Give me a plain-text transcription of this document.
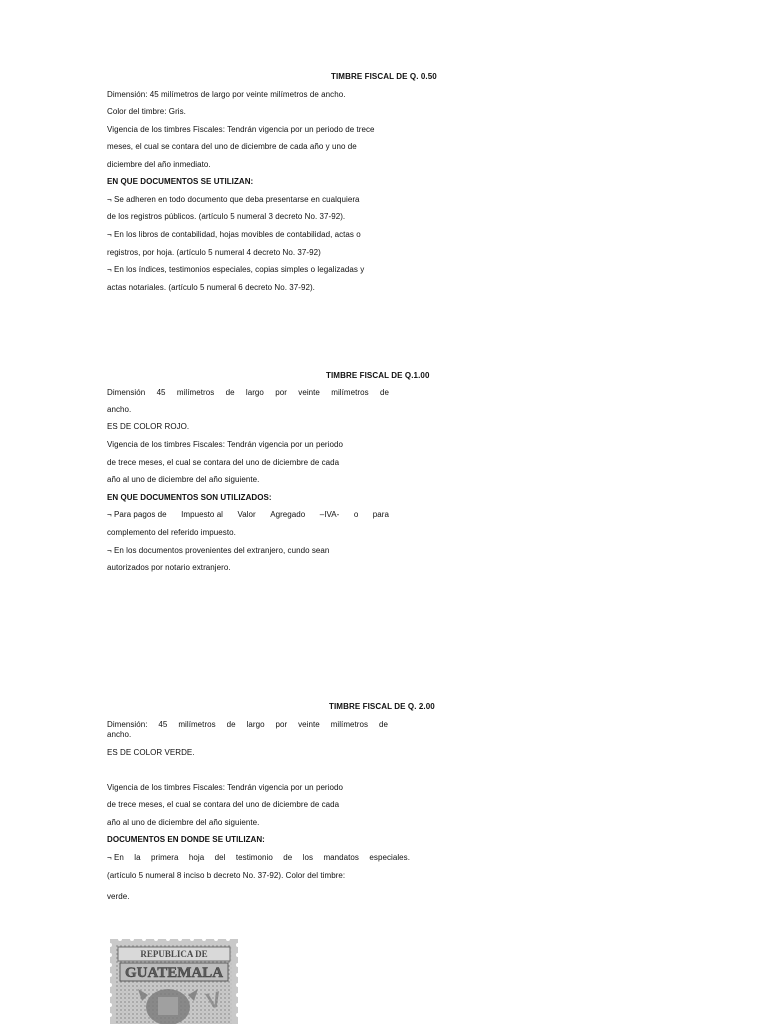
TIMBRE FISCAL DE Q. 0.50
Dimensión: 45 milímetros de largo por veinte milímetros de ancho.
Color del timbre: Gris.
Vigencia de los timbres Fiscales: Tendrán vigencia por un periodo de trece
meses, el cual se contara del uno de diciembre de cada año y uno de
diciembre del año inmediato.
EN QUE DOCUMENTOS SE UTILIZAN:
¬ Se adheren en todo documento que deba presentarse en cualquiera
de los registros públicos. (artículo 5 numeral 3 decreto No. 37-92).
¬ En los libros de contabilidad, hojas movibles de contabilidad, actas o
registros, por hoja. (artículo 5 numeral 4 decreto No. 37-92)
¬ En los índices, testimonios especiales, copias simples o legalizadas y
actas notariales. (artículo 5 numeral 6 decreto No. 37-92).
TIMBRE FISCAL DE Q.1.00
Dimensión 45 milímetros de largo por veinte milímetros de
ancho.
ES DE COLOR ROJO.
Vigencia de los timbres Fiscales: Tendrán vigencia por un periodo
de trece meses, el cual se contara del uno de diciembre de cada
año al uno de diciembre del año siguiente.
EN QUE DOCUMENTOS SON UTILIZADOS:
¬ Para pagos de Impuesto al Valor Agregado –IVA- o para
complemento del referido impuesto.
¬ En los documentos provenientes del extranjero, cundo sean
autorizados por notario extranjero.
TIMBRE FISCAL DE Q. 2.00
Dimensión: 45 milímetros de largo por veinte milímetros de
ancho.
ES DE COLOR VERDE.
Vigencia de los timbres Fiscales: Tendrán vigencia por un periodo
de trece meses, el cual se contara del uno de diciembre de cada
año al uno de diciembre del año siguiente.
DOCUMENTOS EN DONDE SE UTILIZAN:
¬ En la primera hoja del testimonio de los mandatos especiales.
(artículo 5 numeral 8 inciso b decreto No. 37-92). Color del timbre:
verde.
REPUBLICA DE
GUATEMALA
V
